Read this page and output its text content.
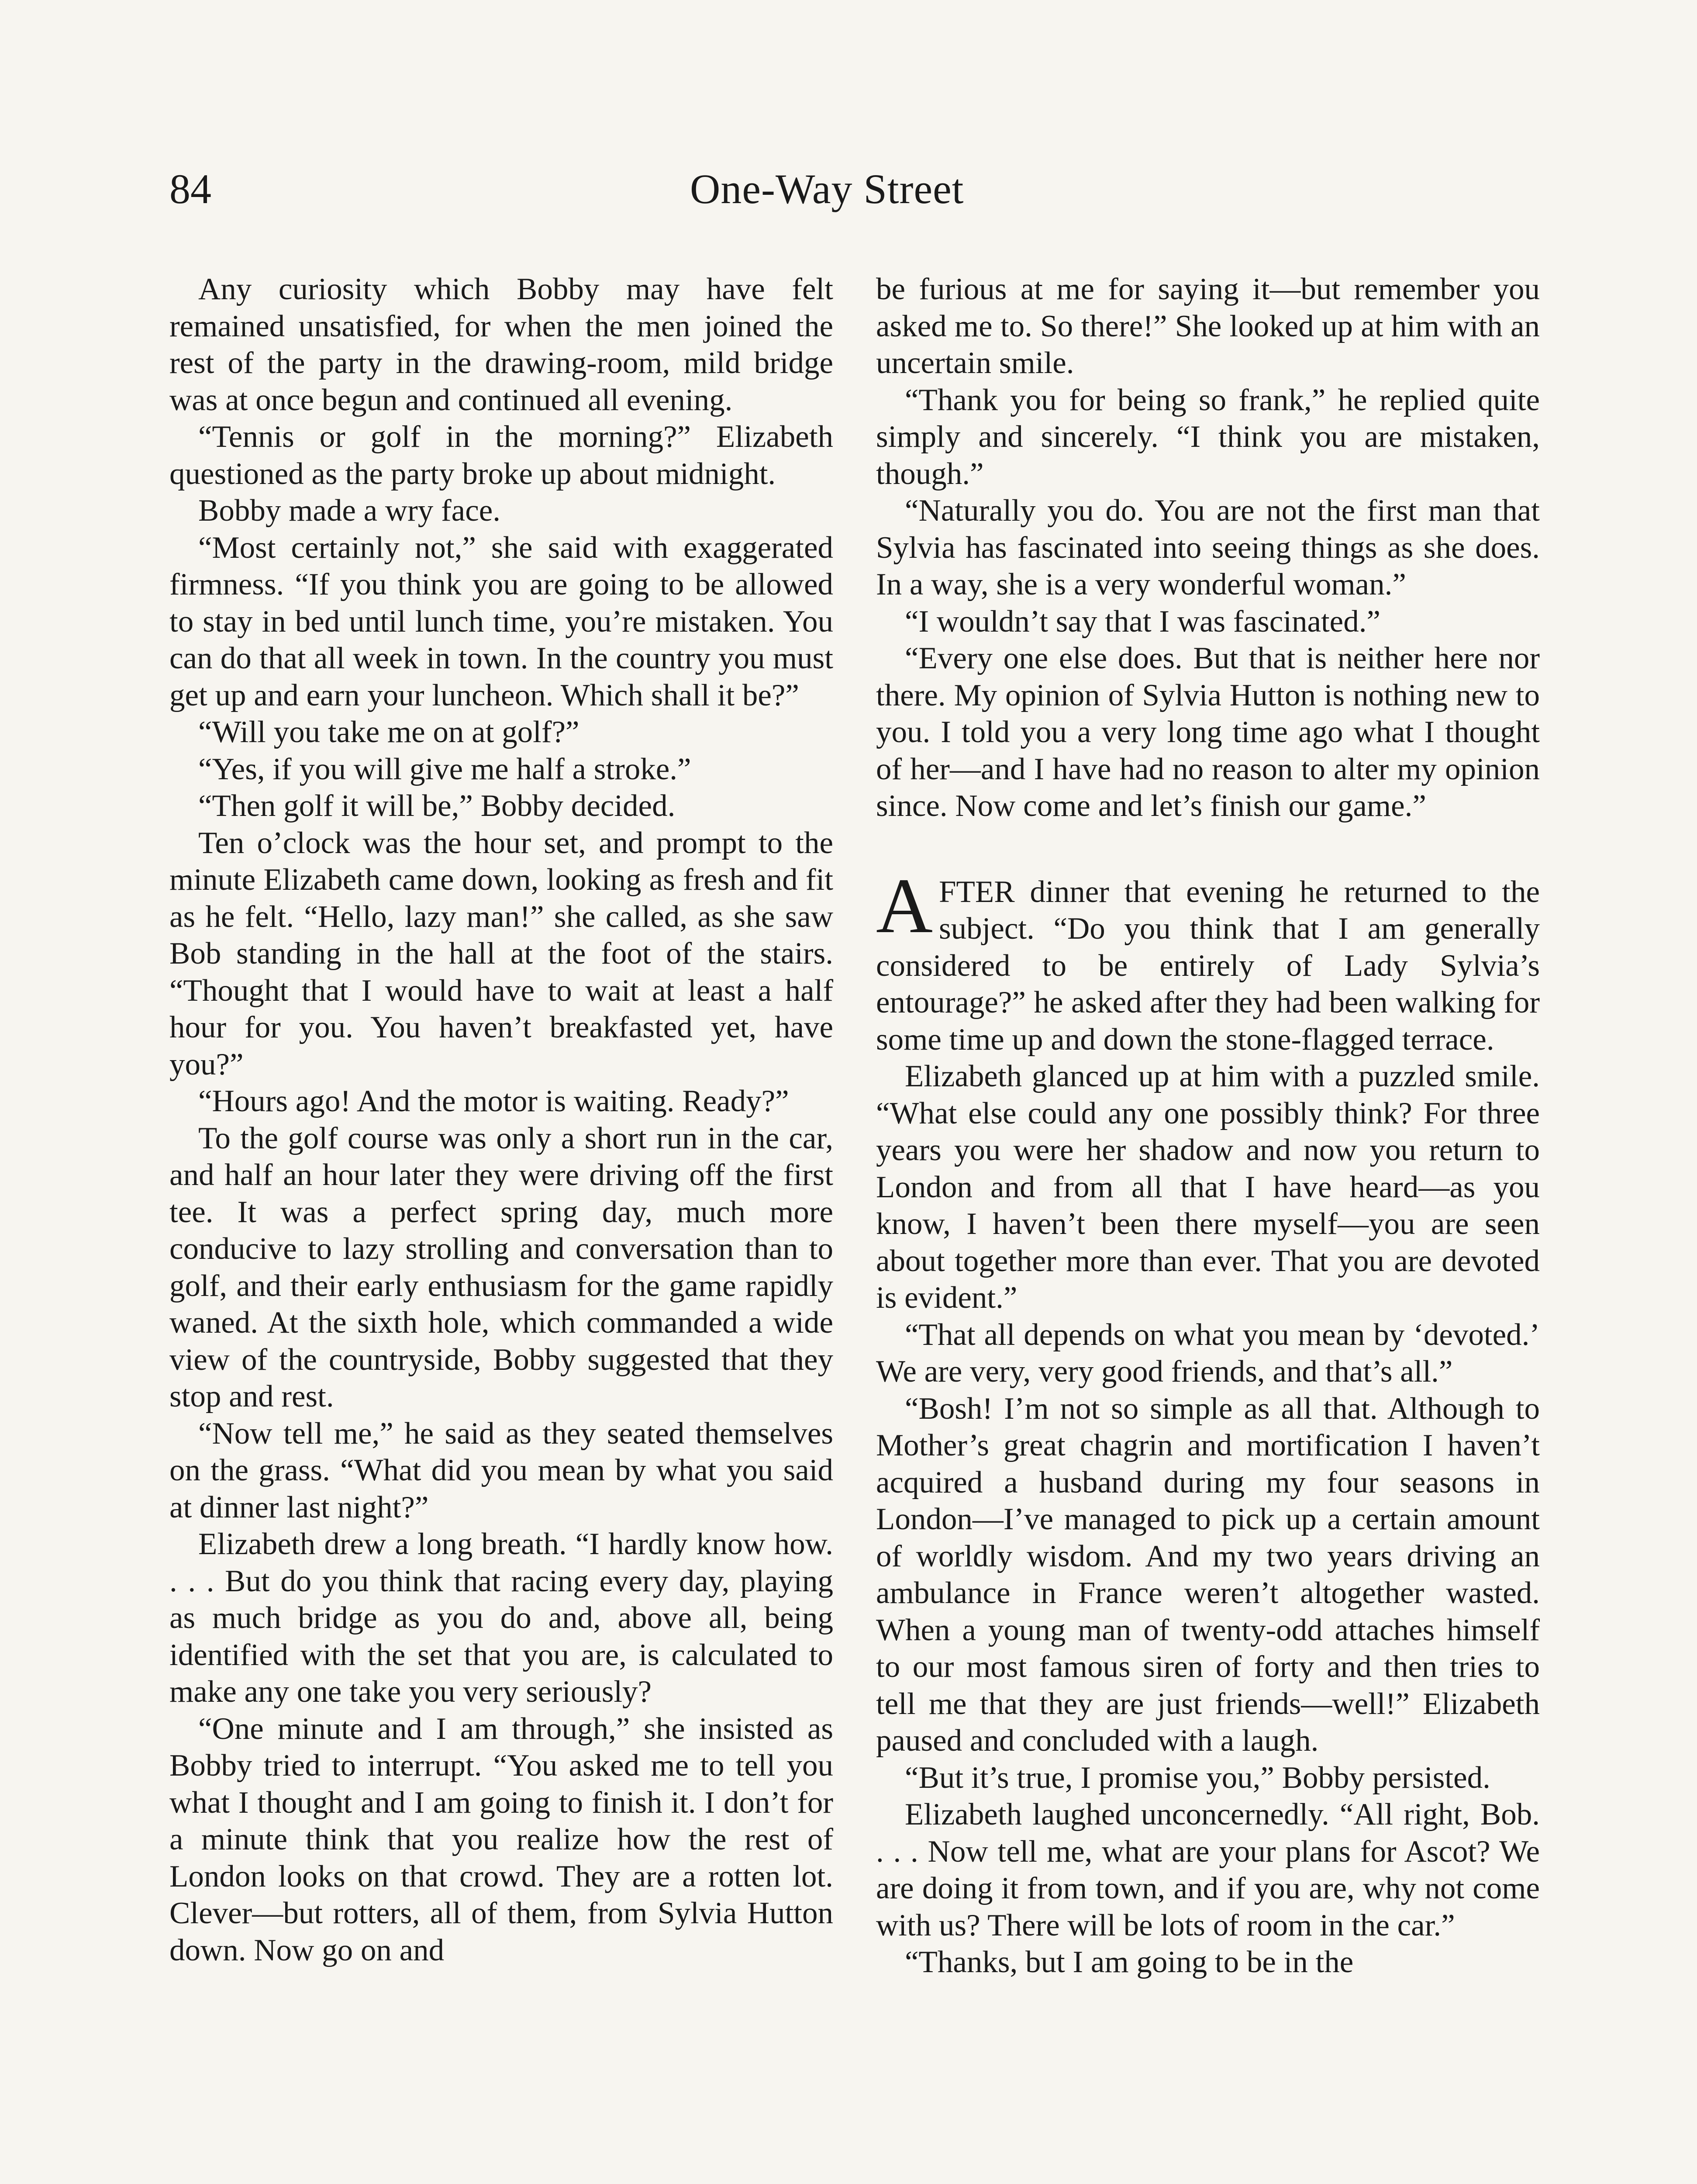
84	One-Way Street

Any curiosity which Bobby may have felt remained unsatisfied, for when the men joined the rest of the party in the drawing-room, mild bridge was at once begun and continued all evening.

“Tennis or golf in the morning?” Elizabeth questioned as the party broke up about midnight.

Bobby made a wry face.

“Most certainly not,” she said with exaggerated firmness. “If you think you are going to be allowed to stay in bed until lunch time, you’re mistaken. You can do that all week in town. In the country you must get up and earn your luncheon. Which shall it be?”

“Will you take me on at golf?”

“Yes, if you will give me half a stroke.”

“Then golf it will be,” Bobby decided.

Ten o’clock was the hour set, and prompt to the minute Elizabeth came down, looking as fresh and fit as he felt. “Hello, lazy man!” she called, as she saw Bob standing in the hall at the foot of the stairs. “Thought that I would have to wait at least a half hour for you. You haven’t breakfasted yet, have you?”

“Hours ago! And the motor is waiting. Ready?”

To the golf course was only a short run in the car, and half an hour later they were driving off the first tee. It was a perfect spring day, much more conducive to lazy strolling and conversation than to golf, and their early enthusiasm for the game rapidly waned. At the sixth hole, which commanded a wide view of the countryside, Bobby suggested that they stop and rest.

“Now tell me,” he said as they seated themselves on the grass. “What did you mean by what you said at dinner last night?”

Elizabeth drew a long breath. “I hardly know how. . . . But do you think that racing every day, playing as much bridge as you do and, above all, being identified with the set that you are, is calculated to make any one take you very seriously?

“One minute and I am through,” she insisted as Bobby tried to interrupt. “You asked me to tell you what I thought and I am going to finish it. I don’t for a minute think that you realize how the rest of London looks on that crowd. They are a rotten lot. Clever—but rotters, all of them, from Sylvia Hutton down. Now go on and

be furious at me for saying it—but remember you asked me to. So there!” She looked up at him with an uncertain smile.

“Thank you for being so frank,” he replied quite simply and sincerely. “I think you are mistaken, though.”

“Naturally you do. You are not the first man that Sylvia has fascinated into seeing things as she does. In a way, she is a very wonderful woman.”

“I wouldn’t say that I was fascinated.”

“Every one else does. But that is neither here nor there. My opinion of Sylvia Hutton is nothing new to you. I told you a very long time ago what I thought of her—and I have had no reason to alter my opinion since. Now come and let’s finish our game.”

AFTER dinner that evening he returned to the subject. “Do you think that I am generally considered to be entirely of Lady Sylvia’s entourage?” he asked after they had been walking for some time up and down the stone-flagged terrace.

Elizabeth glanced up at him with a puzzled smile. “What else could any one possibly think? For three years you were her shadow and now you return to London and from all that I have heard—as you know, I haven’t been there myself—you are seen about together more than ever. That you are devoted is evident.”

“That all depends on what you mean by ‘devoted.’ We are very, very good friends, and that’s all.”

“Bosh! I’m not so simple as all that. Although to Mother’s great chagrin and mortification I haven’t acquired a husband during my four seasons in London—I’ve managed to pick up a certain amount of worldly wisdom. And my two years driving an ambulance in France weren’t altogether wasted. When a young man of twenty-odd attaches himself to our most famous siren of forty and then tries to tell me that they are just friends—well!” Elizabeth paused and concluded with a laugh.

“But it’s true, I promise you,” Bobby persisted.

Elizabeth laughed unconcernedly. “All right, Bob. . . . Now tell me, what are your plans for Ascot? We are doing it from town, and if you are, why not come with us? There will be lots of room in the car.”

“Thanks, but I am going to be in the
